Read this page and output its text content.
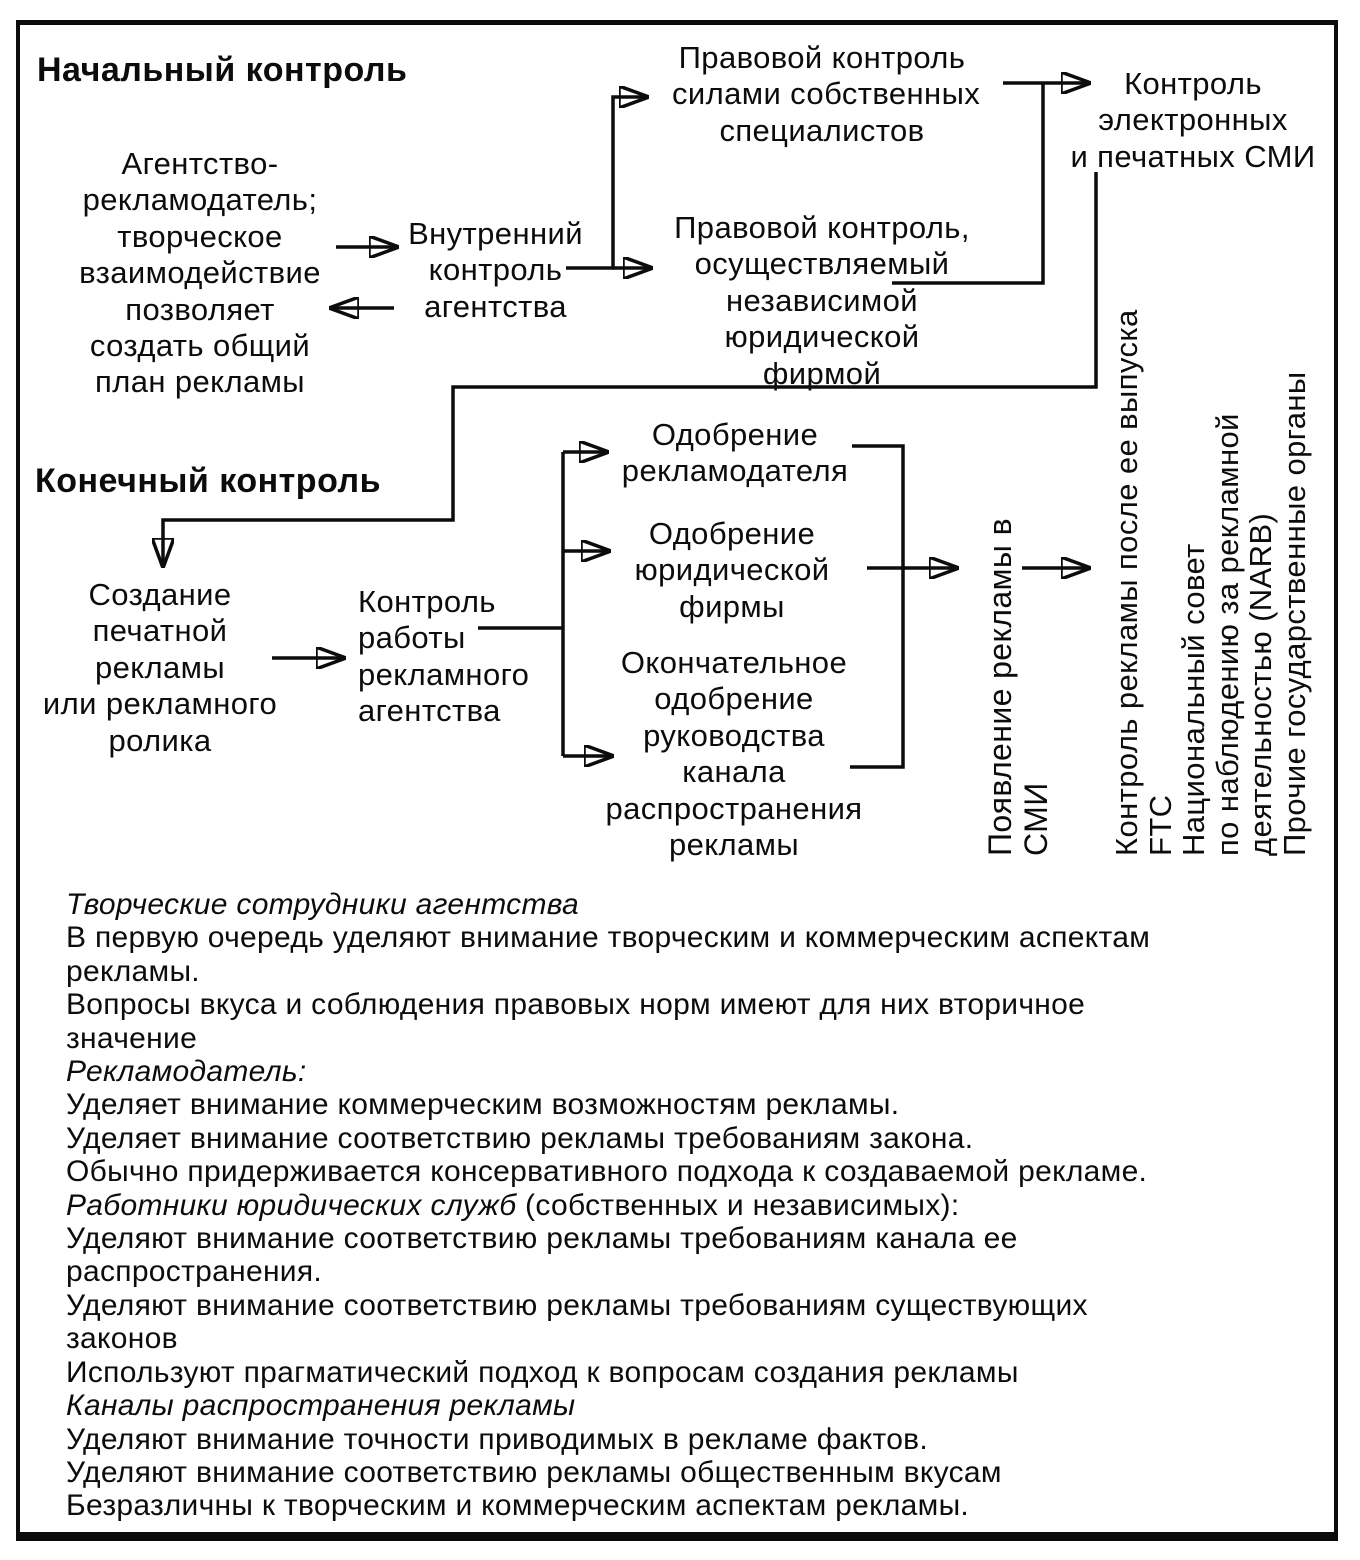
Начальный контроль
Конечный контроль
Агентство-
рекламодатель;
творческое
взаимодействие
позволяет
создать общий
план рекламы
Внутренний
контроль
агентства
Правовой контроль
силами собственных
специалистов
Правовой контроль,
осуществляемый
независимой
юридической
фирмой
Контроль
электронных
и печатных СМИ
Создание
печатной
рекламы
или рекламного
ролика
Контроль
работы
рекламного
агентства
Одобрение
рекламодателя
Одобрение
юридической
фирмы
Окончательное
одобрение
руководства
канала
распространения
рекламы	Появление рекламы в СМИ Контроль рекламы после ее выпуска
FTC
Национальный совет
по наблюдению за рекламной
деятельностью (NARB)
Прочие государственные органы
Творческие сотрудники агентства
В первую очередь уделяют внимание творческим и коммерческим аспектам
рекламы.
Вопросы вкуса и соблюдения правовых норм имеют для них вторичное
значение
Рекламодатель:
Уделяет внимание коммерческим возможностям рекламы.
Уделяет внимание соответствию рекламы требованиям закона.
Обычно придерживается консервативного подхода к создаваемой рекламе.
Работники юридических служб (собственных и независимых):
Уделяют внимание соответствию рекламы требованиям канала ее
распространения.
Уделяют внимание соответствию рекламы требованиям существующих
законов
Используют прагматический подход к вопросам создания рекламы
Каналы распространения рекламы
Уделяют внимание точности приводимых в рекламе фактов.
Уделяют внимание соответствию рекламы общественным вкусам
Безразличны к творческим и коммерческим аспектам рекламы.
